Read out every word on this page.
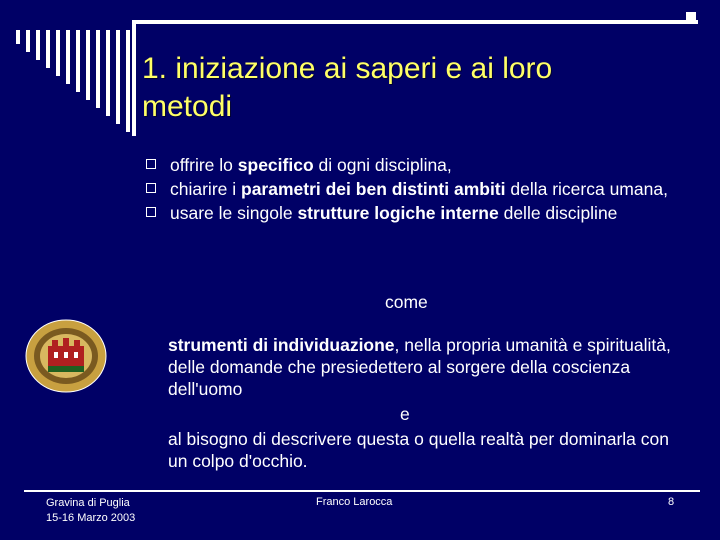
1. iniziazione ai saperi e ai loro
metodi
offrire lo specifico di ogni disciplina,
chiarire i parametri dei ben distinti ambiti della ricerca umana,
usare le singole strutture logiche interne delle discipline
come
strumenti di individuazione, nella propria umanità e spiritualità, delle domande che presiedettero al sorgere della coscienza dell'uomo
e
al bisogno di descrivere questa o quella realtà per dominarla con un colpo d'occhio.
Gravina di Puglia
15-16 Marzo 2003
Franco Larocca	8
